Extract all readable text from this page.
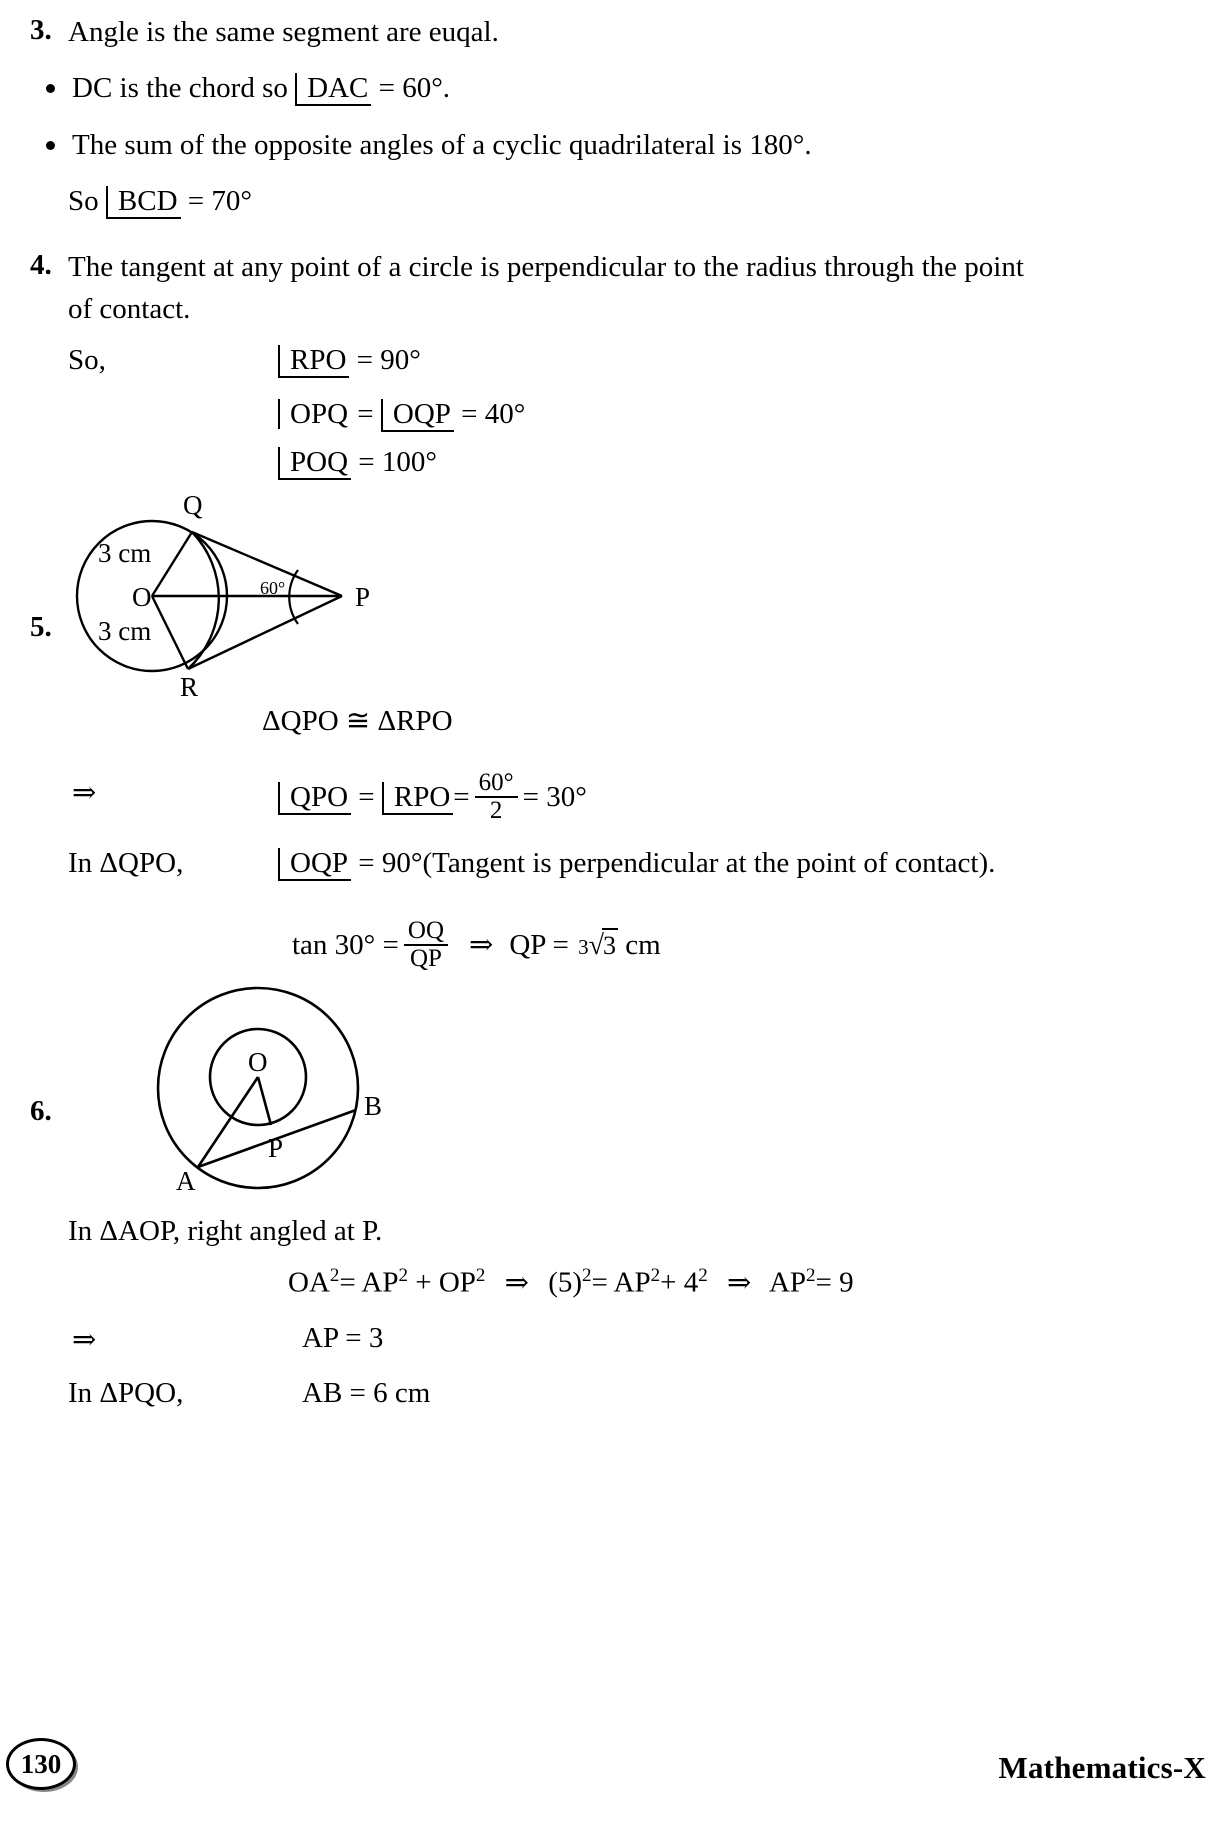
3. Angle is the same segment are euqal.
DC is the chord so DAC = 60°.
The sum of the opposite angles of a cyclic quadrilateral is 180°.
So BCD = 70°
4. The tangent at any point of a circle is perpendicular to the radius through the point
of contact.
So,	RPO = 90°
OPQ = OQP = 40°
POQ = 100°
5.
Q
O	P
R
3 cm
3 cm
60°
ΔQPO ≅ ΔRPO
⇒	QPO = RPO = $\frac{60^\circ}{2} = 30^\circ$
In ΔQPO,	OQP = 90°(Tangent is perpendicular at the point of contact).
$\tan 30^\circ = \frac{OQ}{QP}$ ⇒ QP = 3√3 cm
6.
O
B
P
A
In ΔAOP, right angled at P.
$OA^2= AP^2 + OP^2$ ⇒ $(5)^2= AP^2+ 4^2$ ⇒ $AP^2= 9$
⇒	AP = 3
In ΔPQO,	AB = 6 cm
130	Mathematics-X
